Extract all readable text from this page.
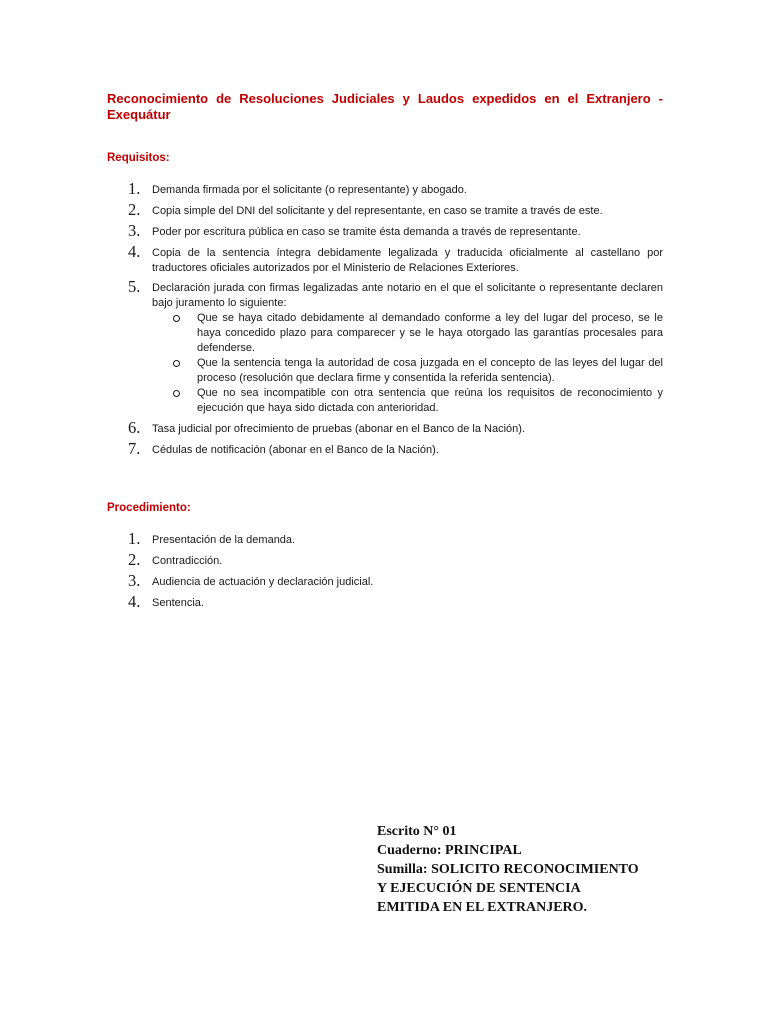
Reconocimiento de Resoluciones Judiciales y Laudos expedidos en el Extranjero - Exequátur
Requisitos:
1. Demanda firmada por el solicitante (o representante) y abogado.
2. Copia simple del DNI del solicitante y del representante, en caso se tramite a través de este.
3. Poder por escritura pública en caso se tramite ésta demanda a través de representante.
4. Copia de la sentencia íntegra debidamente legalizada y traducida oficialmente al castellano por traductores oficiales autorizados por el Ministerio de Relaciones Exteriores.
5. Declaración jurada con firmas legalizadas ante notario en el que el solicitante o representante declaren bajo juramento lo siguiente:
Que se haya citado debidamente al demandado conforme a ley del lugar del proceso, se le haya concedido plazo para comparecer y se le haya otorgado las garantías procesales para defenderse.
Que la sentencia tenga la autoridad de cosa juzgada en el concepto de las leyes del lugar del proceso (resolución que declara firme y consentida la referida sentencia).
Que no sea incompatible con otra sentencia que reúna los requisitos de reconocimiento y ejecución que haya sido dictada con anterioridad.
6. Tasa judicial por ofrecimiento de pruebas (abonar en el Banco de la Nación).
7. Cédulas de notificación (abonar en el Banco de la Nación).
Procedimiento:
1. Presentación de la demanda.
2. Contradicción.
3. Audiencia de actuación y declaración judicial.
4. Sentencia.
Escrito N° 01
Cuaderno: PRINCIPAL
Sumilla: SOLICITO RECONOCIMIENTO
Y EJECUCIÓN DE SENTENCIA
EMITIDA EN EL EXTRANJERO.
